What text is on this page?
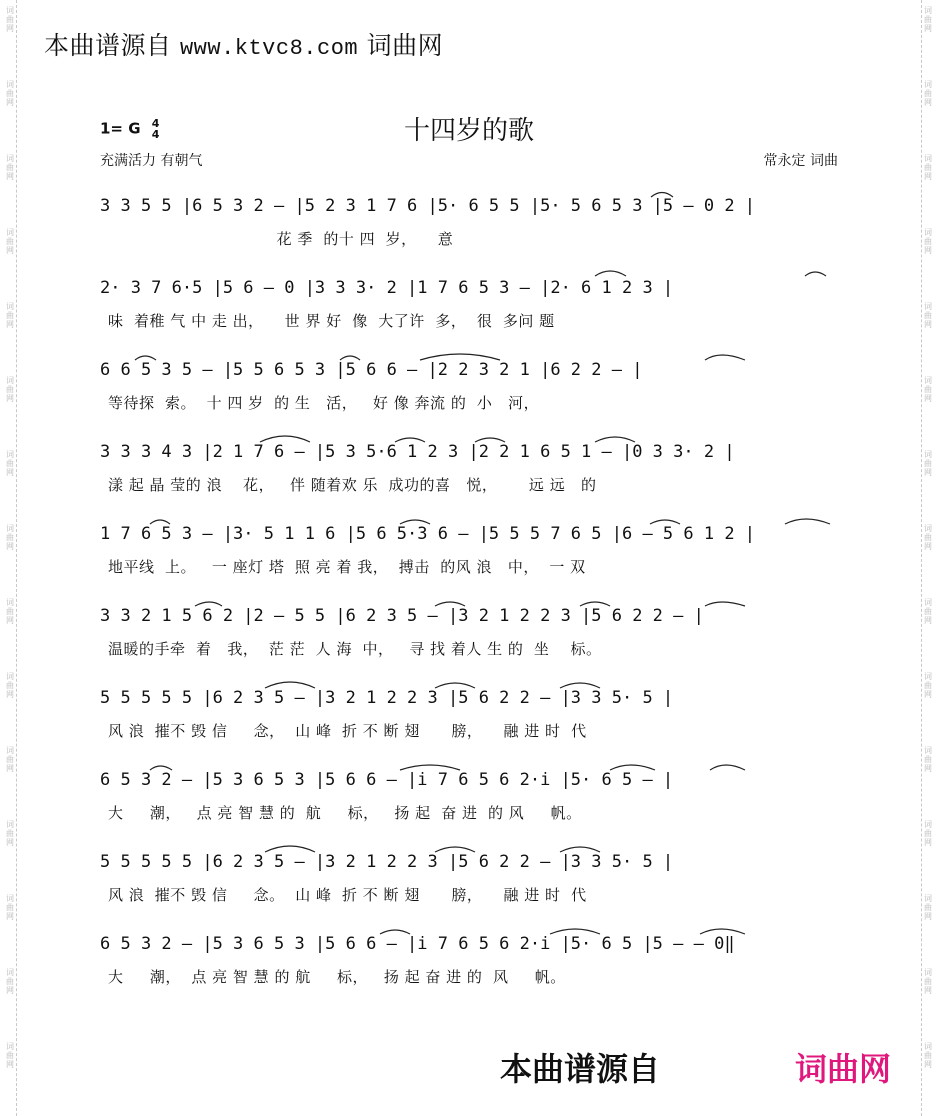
词
曲
网
词
曲
网
词
曲
网
词
曲
网
词
曲
网
词
曲
网
词
曲
网
词
曲
网
词
曲
网
词
曲
网
词
曲
网
词
曲
网
词
曲
网
词
曲
网
词
曲
网
词
曲
网
词
曲
网
词
曲
网
词
曲
网
词
曲
网
词
曲
网
词
曲
网
词
曲
网
词
曲
网
词
曲
网
词
曲
网
词
曲
网
词
曲
网
词
曲
网
词
曲
网
本曲谱源自 www.ktvc8.com 词曲网
1= G 4
4	十四岁的歌
充满活力 有朝气	常永定 词曲
3 3 5 5 |6 5 3 2 — |5 2 3 1 7 6 |5· 6 5 5 |5· 5 6 5 3 |5 — 0 2 |
花 季  的十 四  岁，    意
2· 3 7 6·5 |5 6 — 0 |3 3 3· 2 |1 7 6 5 3 — |2· 6 1 2 3 |
味  着稚 气 中 走 出，    世 界 好  像  大了许  多，  很  多问 题
6 6 5 3 5 — |5 5 6 5 3 |5 6 6 — |2 2 3 2 1 |6 2 2 — |
等待探  索。  十 四 岁  的 生   活，   好 像 奔流 的  小   河，
3 3 3 4 3 |2 1 7 6 — |5 3 5·6 1 2 3 |2 2 1 6 5 1 — |0 3 3· 2 |
漾 起 晶 莹的 浪    花，   伴 随着欢 乐  成功的喜   悦，      远 远   的
1 7 6 5 3 — |3· 5 1 1 6 |5 6 5·3 6 — |5 5 5 7 6 5 |6 — 5 6 1 2 |
地平线  上。   一 座灯 塔  照 亮 着 我，  搏击  的风 浪   中，  一 双
3 3 2 1 5 6 2 |2 — 5 5 |6 2 3 5 — |3 2 1 2 2 3 |5 6 2 2 — |
温暖的手牵  着   我，  茫 茫  人 海  中，   寻 找 着人 生 的  坐    标。
5 5 5 5 5 |6 2 3 5 — |3 2 1 2 2 3 |5 6 2 2 — |3 3 5· 5 |
风 浪  摧不 毁 信     念，  山 峰  折 不 断 翅      膀，    融 进 时  代
6 5 3 2 — |5 3 6 5 3 |5 6 6 — |i 7 6 5 6 2·i |5· 6 5 — |
大     潮，   点 亮 智 慧 的  航     标，   扬 起  奋 进  的 风     帆。
5 5 5 5 5 |6 2 3 5 — |3 2 1 2 2 3 |5 6 2 2 — |3 3 5· 5 |
风 浪  摧不 毁 信     念。  山 峰  折 不 断 翅      膀，    融 进 时  代
6 5 3 2 — |5 3 6 5 3 |5 6 6 — |i 7 6 5 6 2·i |5· 6 5 |5 — — 0‖
大     潮，  点 亮 智 慧 的 航     标，   扬 起 奋 进 的  风     帆。
本曲谱源自	词曲网
